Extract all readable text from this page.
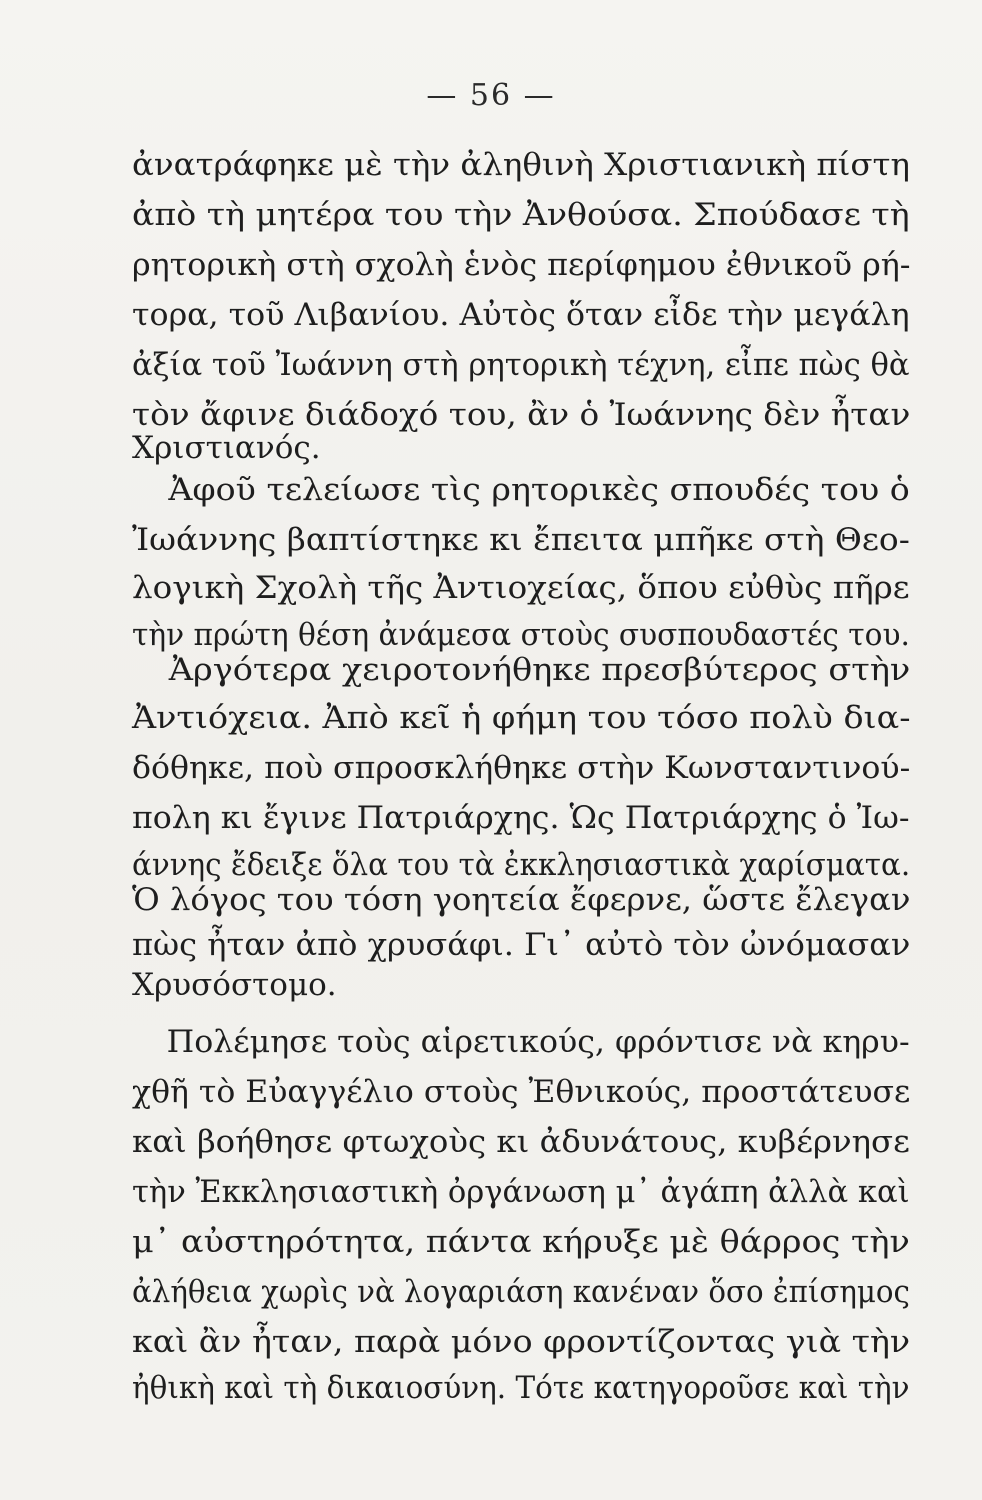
— 56 —
ἀνατράφηκε μὲ τὴν ἀληθινὴ Χριστιανικὴ πίστη
ἀπὸ τὴ μητέρα του τὴν Ἀνθούσα. Σπούδασε τὴ
ρητορικὴ στὴ σχολὴ ἑνὸς περίφημου ἐθνικοῦ ρή-
τορα, τοῦ Λιβανίου. Αὐτὸς ὅταν εἶδε τὴν μεγάλη
ἀξία τοῦ Ἰωάννη στὴ ρητορικὴ τέχνη, εἶπε πὼς θὰ
τὸν ἄφινε διάδοχό του, ἂν ὁ Ἰωάννης δὲν ἦταν
Χριστιανός.
Ἀφοῦ τελείωσε τὶς ρητορικὲς σπουδές του ὁ
Ἰωάννης βαπτίστηκε κι ἔπειτα μπῆκε στὴ Θεο-
λογικὴ Σχολὴ τῆς Ἀντιοχείας, ὅπου εὐθὺς πῆρε
τὴν πρώτη θέση ἀνάμεσα στοὺς συσπουδαστές του.
Ἀργότερα χειροτονήθηκε πρεσβύτερος στὴν
Ἀντιόχεια. Ἀπὸ κεῖ ἡ φήμη του τόσο πολὺ δια-
δόθηκε, ποὺ σπροσκλήθηκε στὴν Κωνσταντινού-
πολη κι ἔγινε Πατριάρχης. Ὡς Πατριάρχης ὁ Ἰω-
άννης ἔδειξε ὅλα του τὰ ἐκκλησιαστικὰ χαρίσματα.
Ὁ λόγος του τόση γοητεία ἔφερνε, ὥστε ἔλεγαν
πὼς ἦταν ἀπὸ χρυσάφι. Γι᾿ αὐτὸ τὸν ὠνόμασαν
Χρυσόστομο.
Πολέμησε τοὺς αἱρετικούς, φρόντισε νὰ κηρυ-
χθῆ τὸ Εὐαγγέλιο στοὺς Ἐθνικούς, προστάτευσε
καὶ βοήθησε φτωχοὺς κι ἀδυνάτους, κυβέρνησε
τὴν Ἐκκλησιαστικὴ ὀργάνωση μ᾿ ἀγάπη ἀλλὰ καὶ
μ᾿ αὐστηρότητα, πάντα κήρυξε μὲ θάρρος τὴν
ἀλήθεια χωρὶς νὰ λογαριάση κανέναν ὅσο ἐπίσημος
καὶ ἂν ἦταν, παρὰ μόνο φροντίζοντας γιὰ τὴν
ἠθικὴ καὶ τὴ δικαιοσύνη. Τότε κατηγοροῦσε καὶ τὴν
